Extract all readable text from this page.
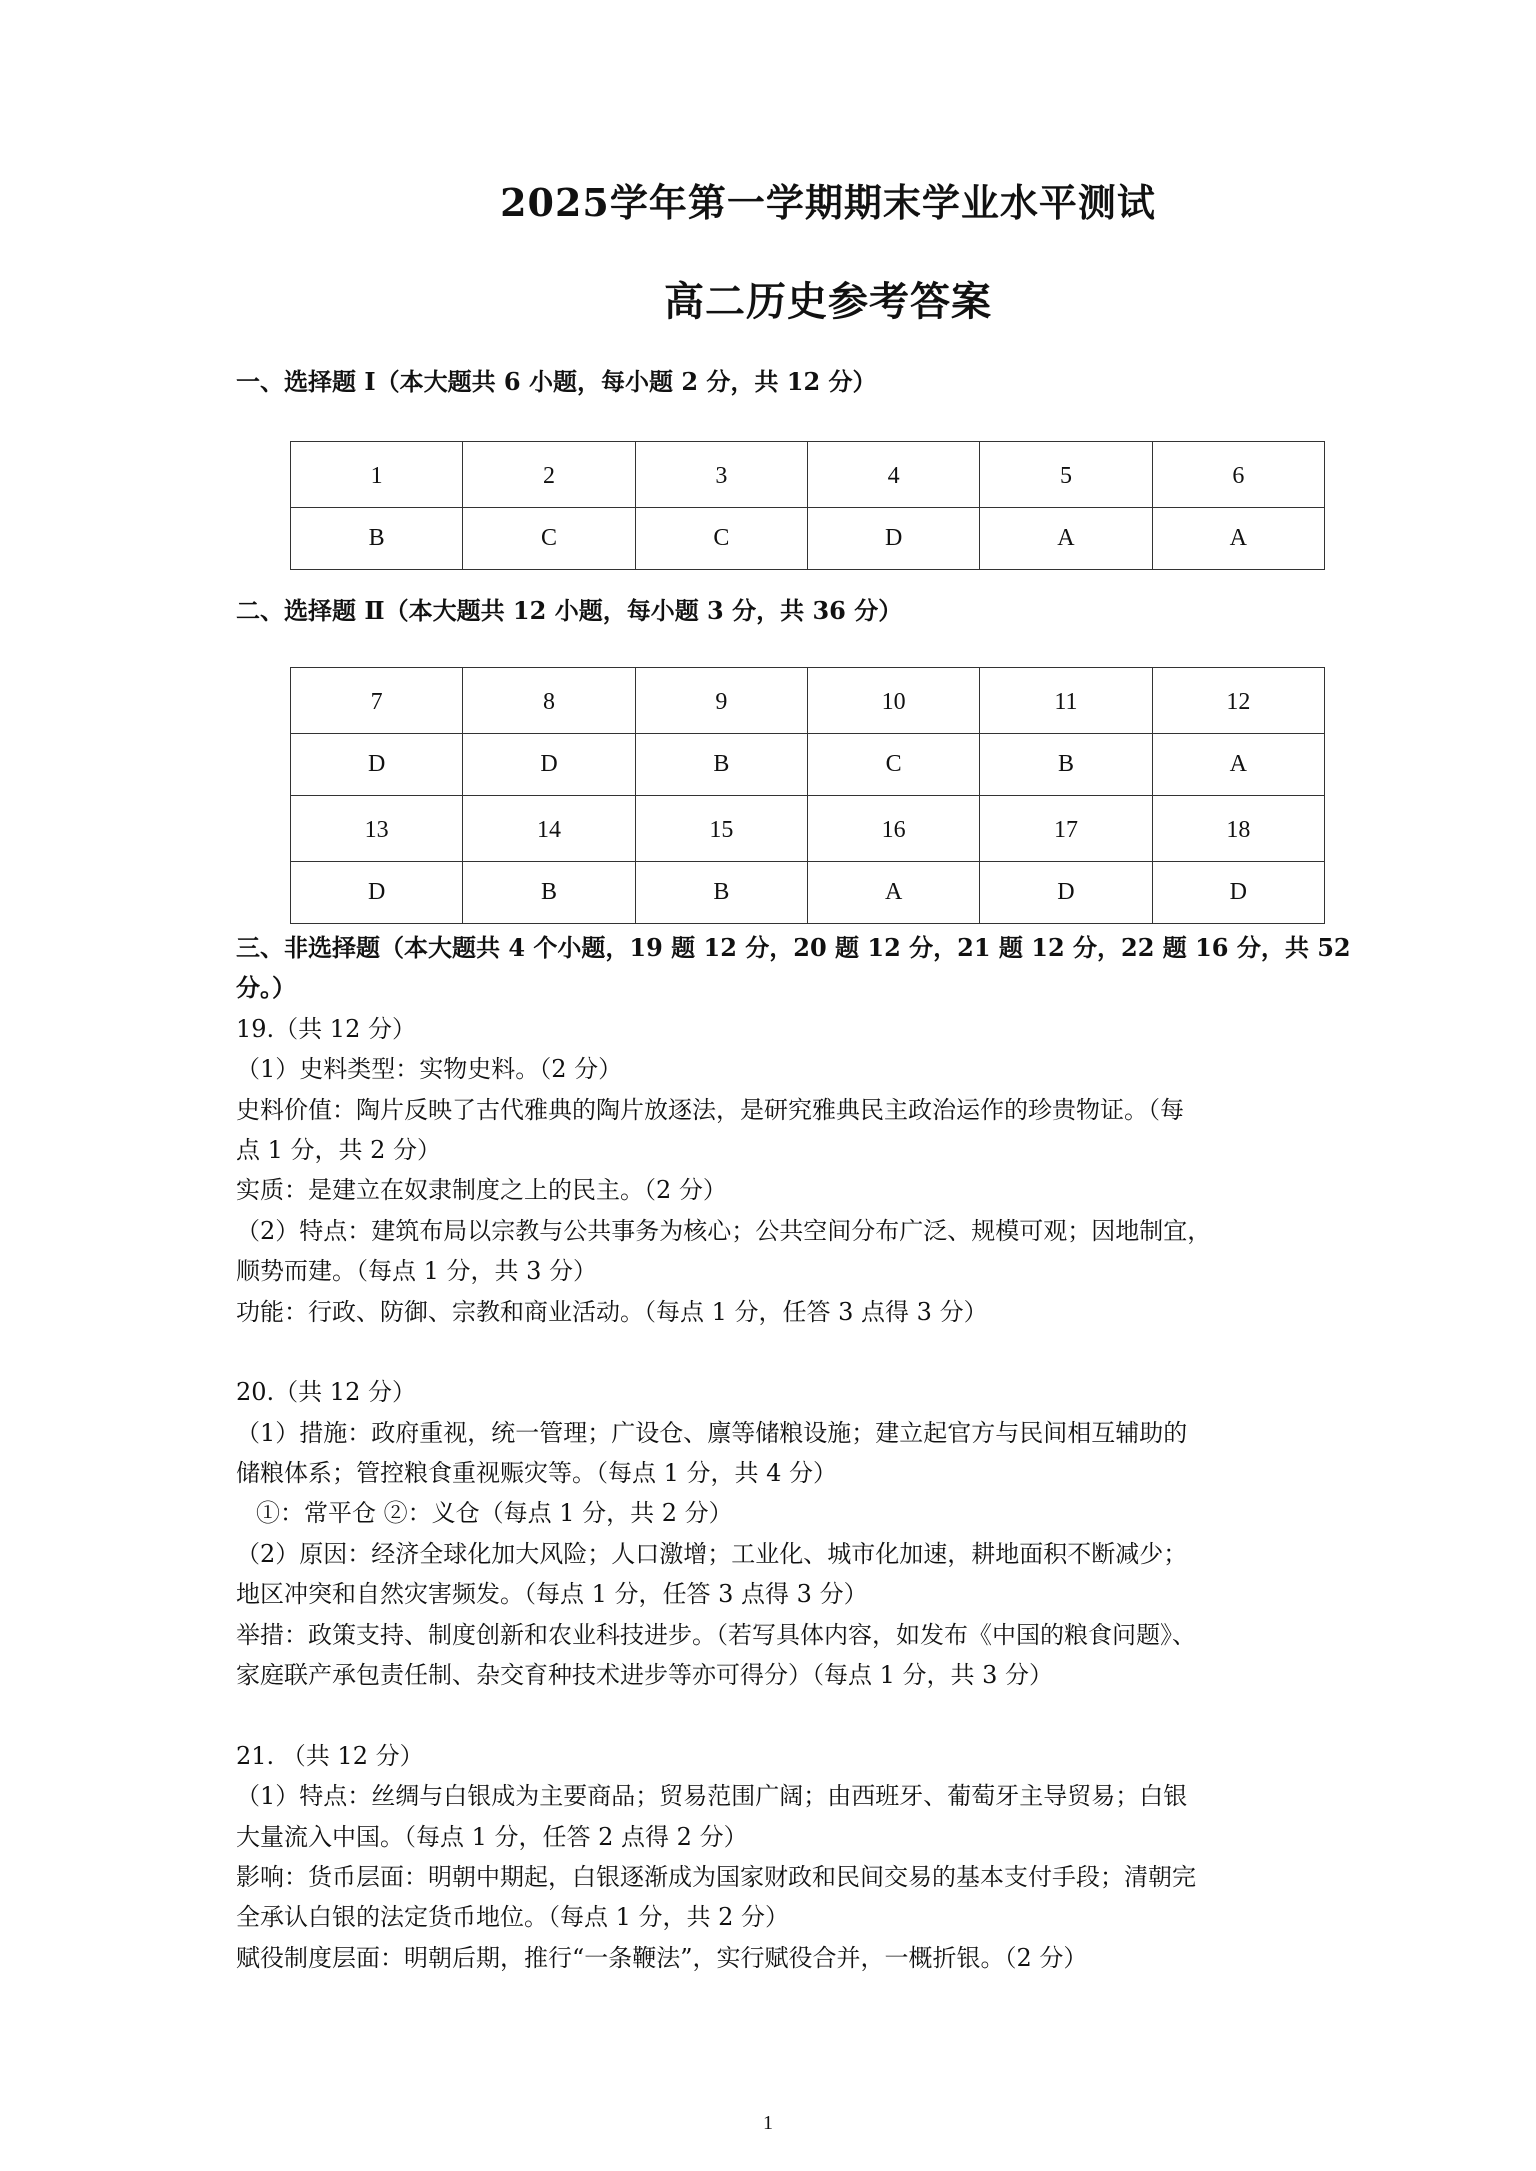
2025学年第一学期期末学业水平测试
高二历史参考答案
一、选择题 Ⅰ（本大题共 6 小题，每小题 2 分，共 12 分）
1	2	3	4	5	6
B	C	C	D	A	A
二、选择题 Ⅱ（本大题共 12 小题，每小题 3 分，共 36 分）
7	8	9	10	11	12
D	D	B	C	B	A
13	14	15	16	17	18
D	B	B	A	D	D
三、非选择题（本大题共 4 个小题，19 题 12 分，20 题 12 分，21 题 12 分，22 题 16 分，共 52
分。）
19.（共 12 分）
（1）史料类型：实物史料。（2 分）
史料价值：陶片反映了古代雅典的陶片放逐法，是研究雅典民主政治运作的珍贵物证。（每
点 1 分，共 2 分）
实质：是建立在奴隶制度之上的民主。（2 分）
（2）特点：建筑布局以宗教与公共事务为核心；公共空间分布广泛、规模可观；因地制宜，
顺势而建。（每点 1 分，共 3 分）
功能：行政、防御、宗教和商业活动。（每点 1 分，任答 3 点得 3 分）
20.（共 12 分）
（1）措施：政府重视，统一管理；广设仓、廪等储粮设施；建立起官方与民间相互辅助的
储粮体系；管控粮食重视赈灾等。（每点 1 分，共 4 分）
①：常平仓 ②：义仓（每点 1 分，共 2 分）
（2）原因：经济全球化加大风险；人口激增；工业化、城市化加速，耕地面积不断减少；
地区冲突和自然灾害频发。（每点 1 分，任答 3 点得 3 分）
举措：政策支持、制度创新和农业科技进步。（若写具体内容，如发布《中国的粮食问题》、
家庭联产承包责任制、杂交育种技术进步等亦可得分）（每点 1 分，共 3 分）
21. （共 12 分）
（1）特点：丝绸与白银成为主要商品；贸易范围广阔；由西班牙、葡萄牙主导贸易；白银
大量流入中国。（每点 1 分，任答 2 点得 2 分）
影响：货币层面：明朝中期起，白银逐渐成为国家财政和民间交易的基本支付手段；清朝完
全承认白银的法定货币地位。（每点 1 分，共 2 分）
赋役制度层面：明朝后期，推行“一条鞭法”，实行赋役合并，一概折银。（2 分）
1
